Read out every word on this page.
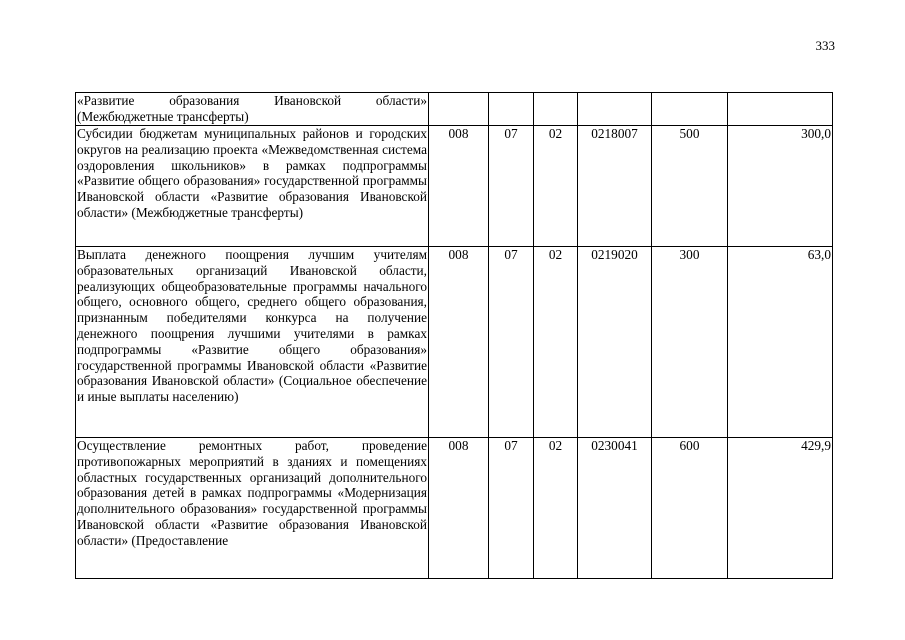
333
«Развитие образования Ивановской области» (Межбюджетные трансферты)						
Субсидии бюджетам муниципальных районов и городских округов на реализацию проекта «Межведомственная система оздоровления школьников» в рамках подпрограммы «Развитие общего образования» государственной программы Ивановской области «Развитие образования Ивановской области» (Межбюджетные трансферты)	008	07	02	0218007	500	300,0
Выплата денежного поощрения лучшим учителям образовательных организаций Ивановской области, реализующих общеобразовательные программы начального общего, основного общего, среднего общего образования, признанным победителями конкурса на получение денежного поощрения лучшими учителями в рамках подпрограммы «Развитие общего образования» государственной программы Ивановской области «Развитие образования Ивановской области» (Социальное обеспечение и иные выплаты населению)	008	07	02	0219020	300	63,0
Осуществление ремонтных работ, проведение противопожарных мероприятий в зданиях и помещениях областных государственных организаций дополнительного образования детей в рамках подпрограммы «Модернизация дополнительного образования» государственной программы Ивановской области «Развитие образования Ивановской области» (Предоставление	008	07	02	0230041	600	429,9
